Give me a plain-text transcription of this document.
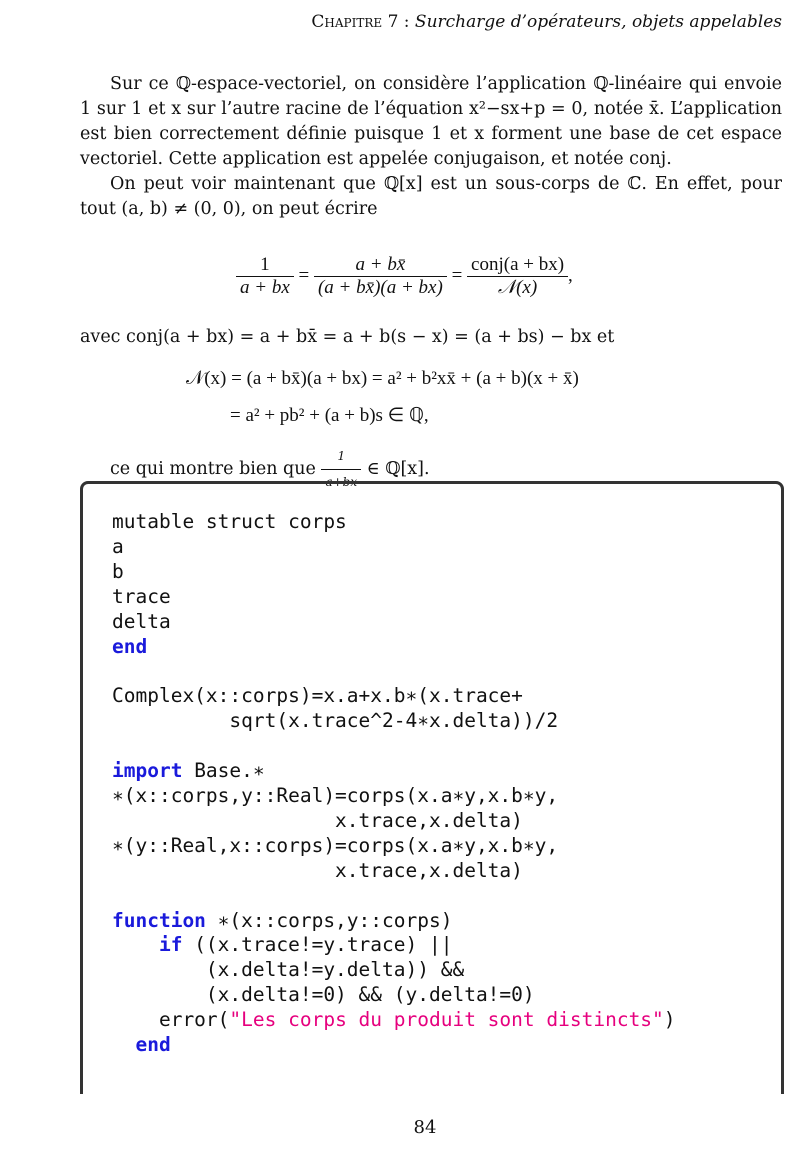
Chapitre 7 : Surcharge d’opérateurs, objets appelables
Sur ce ℚ-espace-vectoriel, on considère l’application ℚ-linéaire qui envoie 1 sur 1 et x sur l’autre racine de l’équation x²−sx+p = 0, notée x̄. L’application est bien correctement définie puisque 1 et x forment une base de cet espace vectoriel. Cette application est appelée conjugaison, et notée conj.
On peut voir maintenant que ℚ[x] est un sous-corps de ℂ. En effet, pour tout (a, b) ≠ (0, 0), on peut écrire
$\frac{1}{a + bx} = \frac{a + bx̄}{(a + bx̄)(a + bx)} = \frac{\text{conj(a + bx)}}{\text{𝒩(x)}}$ ,
avec conj(a + bx) = a + bx̄ = a + b(s − x) = (a + bs) − bx et
𝒩(x) = (a + bx̄)(a + bx) = a² + b²xx̄ + (a + b)(x + x̄)
= a² + pb² + (a + b)s ∈ ℚ,
ce qui montre bien que $\frac{1}{a+bx}$ ∈ ℚ[x].
mutable struct corps
a
b
trace
delta
end

Complex(x::corps)=x.a+x.b∗(x.trace+
sqrt(x.trace^2-4∗x.delta))/2

import Base.∗
∗(x::corps,y::Real)=corps(x.a∗y,x.b∗y,
x.trace,x.delta)
∗(y::Real,x::corps)=corps(x.a∗y,x.b∗y,
x.trace,x.delta)

function ∗(x::corps,y::corps)
if ((x.trace!=y.trace) ||
(x.delta!=y.delta)) &&
(x.delta!=0) && (y.delta!=0)
error("Les corps du produit sont distincts")
end
84
